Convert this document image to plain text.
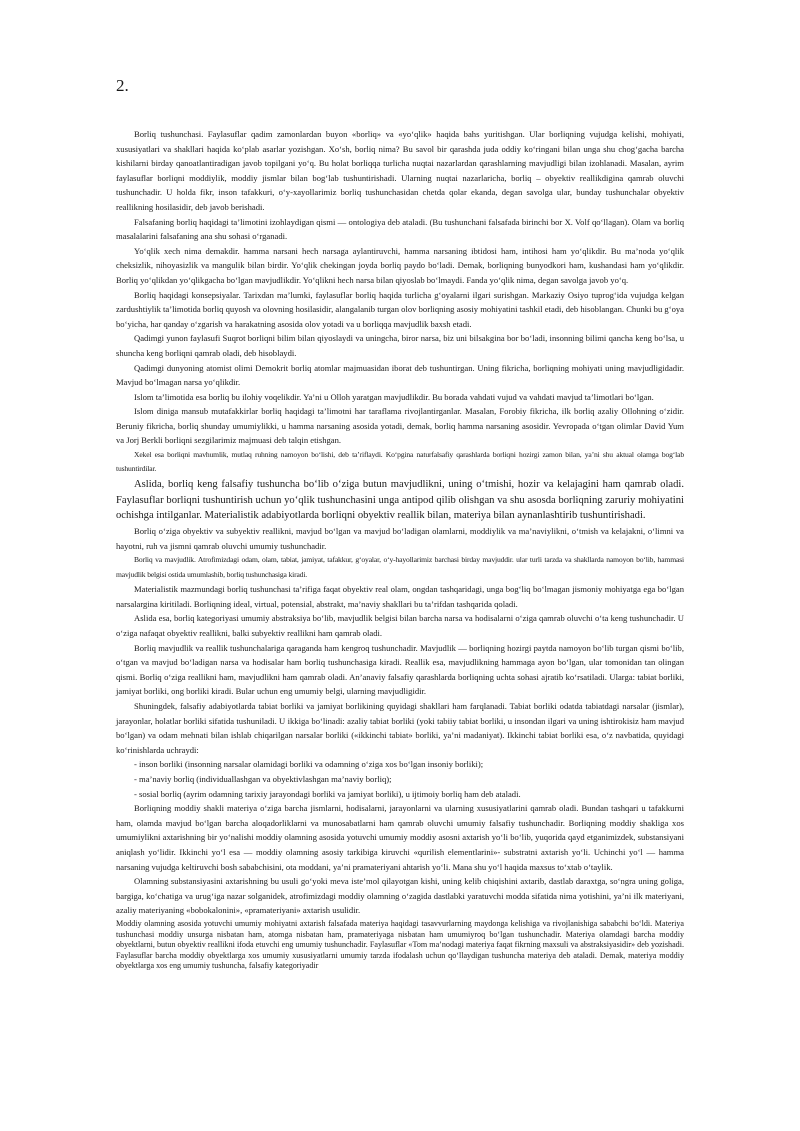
2.

Borliq tushunchasi. Faylasuflar qadim zamonlardan buyon «borliq» va «yo‘qlik» haqida bahs yuritishgan. Ular borliqning vujudga kelishi, mohiyati, xususiyatlari va shakllari haqida ko‘plab asarlar yozishgan. Xo‘sh, borliq nima? Bu savol bir qarashda juda oddiy ko‘ringani bilan unga shu chog‘gacha barcha kishilarni birday qanoatlantiradigan javob topilgani yo‘q. Bu holat borliqqa turlicha nuqtai nazarlardan qarashlarning mavjudligi bilan izohlanadi. Masalan, ayrim faylasuflar borliqni moddiylik, moddiy jismlar bilan bog‘lab tushuntirishadi. Ularning nuqtai nazarlaricha, borliq – obyektiv reallikdigina qamrab oluvchi tushunchadir. U holda fikr, inson tafakkuri, o‘y-xayollarimiz borliq tushunchasidan chetda qolar ekanda, degan savolga ular, bunday tushunchalar obyektiv reallikning hosilasidir, deb javob berishadi.

Falsafaning borliq haqidagi ta’limotini izohlaydigan qismi — ontologiya deb ataladi. (Bu tushunchani falsafada birinchi bor X. Volf qo‘llagan). Olam va borliq masalalarini falsafaning ana shu sohasi o‘rganadi.

Yo‘qlik xech nima demakdir. hamma narsani hech narsaga aylantiruvchi, hamma narsaning ibtidosi ham, intihosi ham yo‘qlikdir. Bu ma’noda yo‘qlik cheksizlik, nihoyasizlik va mangulik bilan birdir. Yo‘qlik chekingan joyda borliq paydo bo‘ladi. Demak, borliqning bunyodkori ham, kushandasi ham yo‘qlikdir. Borliq yo‘qlikdan yo‘qlikgacha bo‘lgan mavjudlikdir. Yo‘qlikni hech narsa bilan qiyoslab bo‘lmaydi. Fanda yo‘qlik nima, degan savolga javob yo‘q.

Borliq haqidagi konsepsiyalar. Tarixdan ma’lumki, faylasuflar borliq haqida turlicha g‘oyalarni ilgari surishgan. Markaziy Osiyo tuprog‘ida vujudga kelgan zardushtiylik ta’limotida borliq quyosh va olovning hosilasidir, alangalanib turgan olov borliqning asosiy mohiyatini tashkil etadi, deb hisoblangan. Chunki bu g‘oya bo‘yicha, har qanday o‘zgarish va harakatning asosida olov yotadi va u borliqqa mavjudlik baxsh etadi.

Qadimgi yunon faylasufi Suqrot borliqni bilim bilan qiyoslaydi va uningcha, biror narsa, biz uni bilsakgina bor bo‘ladi, insonning bilimi qancha keng bo‘lsa, u shuncha keng borliqni qamrab oladi, deb hisoblaydi.

Qadimgi dunyoning atomist olimi Demokrit borliq atomlar majmuasidan iborat deb tushuntirgan. Uning fikricha, borliqning mohiyati uning mavjudligidadir. Mavjud bo‘lmagan narsa yo‘qlikdir.

Islom ta’limotida esa borliq bu ilohiy voqelikdir. Ya’ni u Olloh yaratgan mavjudlikdir. Bu borada vahdati vujud va vahdati mavjud ta’limotlari bo‘lgan.

Islom diniga mansub mutafakkirlar borliq haqidagi ta’limotni har taraflama rivojlantirganlar. Masalan, Forobiy fikricha, ilk borliq azaliy Ollohning o‘zidir. Beruniy fikricha, borliq shunday umumiylikki, u hamma narsaning asosida yotadi, demak, borliq hamma narsaning asosidir. Yevropada o‘tgan olimlar David Yum va Jorj Berkli borliqni sezgilarimiz majmuasi deb talqin etishgan.

Xekel esa borliqni mavhumlik, mutlaq ruhning namoyon bo‘lishi, deb ta’riflaydi. Ko‘pgina naturfalsafiy qarashlarda borliqni hozirgi zamon bilan, ya’ni shu aktual olamga bog‘lab tushuntirdilar.

Aslida, borliq keng falsafiy tushuncha bo‘lib o‘ziga butun mavjudlikni, uning o‘tmishi, hozir va kelajagini ham qamrab oladi. Faylasuflar borliqni tushuntirish uchun yo‘qlik tushunchasini unga antipod qilib olishgan va shu asosda borliqning zaruriy mohiyatini ochishga intilganlar. Materialistik adabiyotlarda borliqni obyektiv reallik bilan, materiya bilan aynanlashtirib tushuntirishadi.

Borliq o‘ziga obyektiv va subyektiv reallikni, mavjud bo‘lgan va mavjud bo‘ladigan olamlarni, moddiylik va ma’naviylikni, o‘tmish va kelajakni, o‘limni va hayotni, ruh va jismni qamrab oluvchi umumiy tushunchadir.

Borliq va mavjudlik. Atrofimizdagi odam, olam, tabiat, jamiyat, tafakkur, g‘oyalar, o‘y-hayollarimiz barchasi birday mavjuddir. ular turli tarzda va shakllarda namoyon bo‘lib, hammasi mavjudlik belgisi ostida umumlashib, borliq tushunchasiga kiradi.

Materialistik mazmundagi borliq tushunchasi ta’rifiga faqat obyektiv real olam, ongdan tashqaridagi, unga bog‘liq bo‘lmagan jismoniy mohiyatga ega bo‘lgan narsalargina kiritiladi. Borliqning ideal, virtual, potensial, abstrakt, ma’naviy shakllari bu ta’rifdan tashqarida qoladi.

Aslida esa, borliq kategoriyasi umumiy abstraksiya bo‘lib, mavjudlik belgisi bilan barcha narsa va hodisalarni o‘ziga qamrab oluvchi o‘ta keng tushunchadir. U o‘ziga nafaqat obyektiv reallikni, balki subyektiv reallikni ham qamrab oladi.

Borliq mavjudlik va reallik tushunchalariga qaraganda ham kengroq tushunchadir. Mavjudlik — borliqning hozirgi paytda namoyon bo‘lib turgan qismi bo‘lib, o‘tgan va mavjud bo‘ladigan narsa va hodisalar ham borliq tushunchasiga kiradi. Reallik esa, mavjudlikning hammaga ayon bo‘lgan, ular tomonidan tan olingan qismi. Borliq o‘ziga reallikni ham, mavjudlikni ham qamrab oladi. An’anaviy falsafiy qarashlarda borliqning uchta sohasi ajratib ko‘rsatiladi. Ularga: tabiat borliki, jamiyat borliki, ong borliki kiradi. Bular uchun eng umumiy belgi, ularning mavjudligidir.

Shuningdek, falsafiy adabiyotlarda tabiat borliki va jamiyat borlikining quyidagi shakllari ham farqlanadi. Tabiat borliki odatda tabiatdagi narsalar (jismlar), jarayonlar, holatlar borliki sifatida tushuniladi. U ikkiga bo‘linadi: azaliy tabiat borliki (yoki tabiiy tabiat borliki, u insondan ilgari va uning ishtirokisiz ham mavjud bo‘lgan) va odam mehnati bilan ishlab chiqarilgan narsalar borliki («ikkinchi tabiat» borliki, ya’ni madaniyat). Ikkinchi tabiat borliki esa, o‘z navbatida, quyidagi ko‘rinishlarda uchraydi:

- inson borliki (insonning narsalar olamidagi borliki va odamning o‘ziga xos bo‘lgan insoniy borliki);

- ma’naviy borliq (individuallashgan va obyektivlashgan ma’naviy borliq);

- sosial borliq (ayrim odamning tarixiy jarayondagi borliki va jamiyat borliki), u ijtimoiy borliq ham deb ataladi.

Borliqning moddiy shakli materiya o‘ziga barcha jismlarni, hodisalarni, jarayonlarni va ularning xususiyatlarini qamrab oladi. Bundan tashqari u tafakkurni ham, olamda mavjud bo‘lgan barcha aloqadorliklarni va munosabatlarni ham qamrab oluvchi umumiy falsafiy tushunchadir. Borliqning moddiy shakliga xos umumiylikni axtarishning bir yo‘nalishi moddiy olamning asosida yotuvchi umumiy moddiy asosni axtarish yo‘li bo‘lib, yuqorida qayd etganimizdek, substansiyani aniqlash yo‘lidir. Ikkinchi yo‘l esa — moddiy olamning asosiy tarkibiga kiruvchi «qurilish elementlarini»- substratni axtarish yo‘li. Uchinchi yo‘l — hamma narsaning vujudga keltiruvchi bosh sababchisini, ota moddani, ya’ni pramateriyani ahtarish yo‘li. Mana shu yo‘l haqida maxsus to‘xtab o‘taylik.

Olamning substansiyasini axtarishning bu usuli go‘yoki meva iste’mol qilayotgan kishi, uning kelib chiqishini axtarib, dastlab daraxtga, so‘ngra uning goliga, bargiga, ko‘chatiga va urug‘iga nazar solganidek, atrofimizdagi moddiy olamning o‘zagida dastlabki yaratuvchi modda sifatida nima yotishini, ya’ni ilk materiyani, azaliy materiyaning «bobokalonini», «pramateriyani» axtarish usulidir.

Moddiy olamning asosida yotuvchi umumiy mohiyatni axtarish falsafada materiya haqidagi tasavvurlarning maydonga kelishiga va rivojlanishiga sababchi bo‘ldi. Materiya tushunchasi moddiy unsurga nisbatan ham, atomga nisbatan ham, pramateriyaga nisbatan ham umumiyroq bo‘lgan tushunchadir. Materiya olamdagi barcha moddiy obyektlarni, butun obyektiv reallikni ifoda etuvchi eng umumiy tushunchadir. Faylasuflar «Tom ma’nodagi materiya faqat fikrning maxsuli va abstraksiyasidir» deb yozishadi. Faylasuflar barcha moddiy obyektlarga xos umumiy xususiyatlarni umumiy tarzda ifodalash uchun qo‘llaydigan tushuncha materiya deb ataladi. Demak, materiya moddiy obyektlarga xos eng umumiy tushuncha, falsafiy kategoriyadir
